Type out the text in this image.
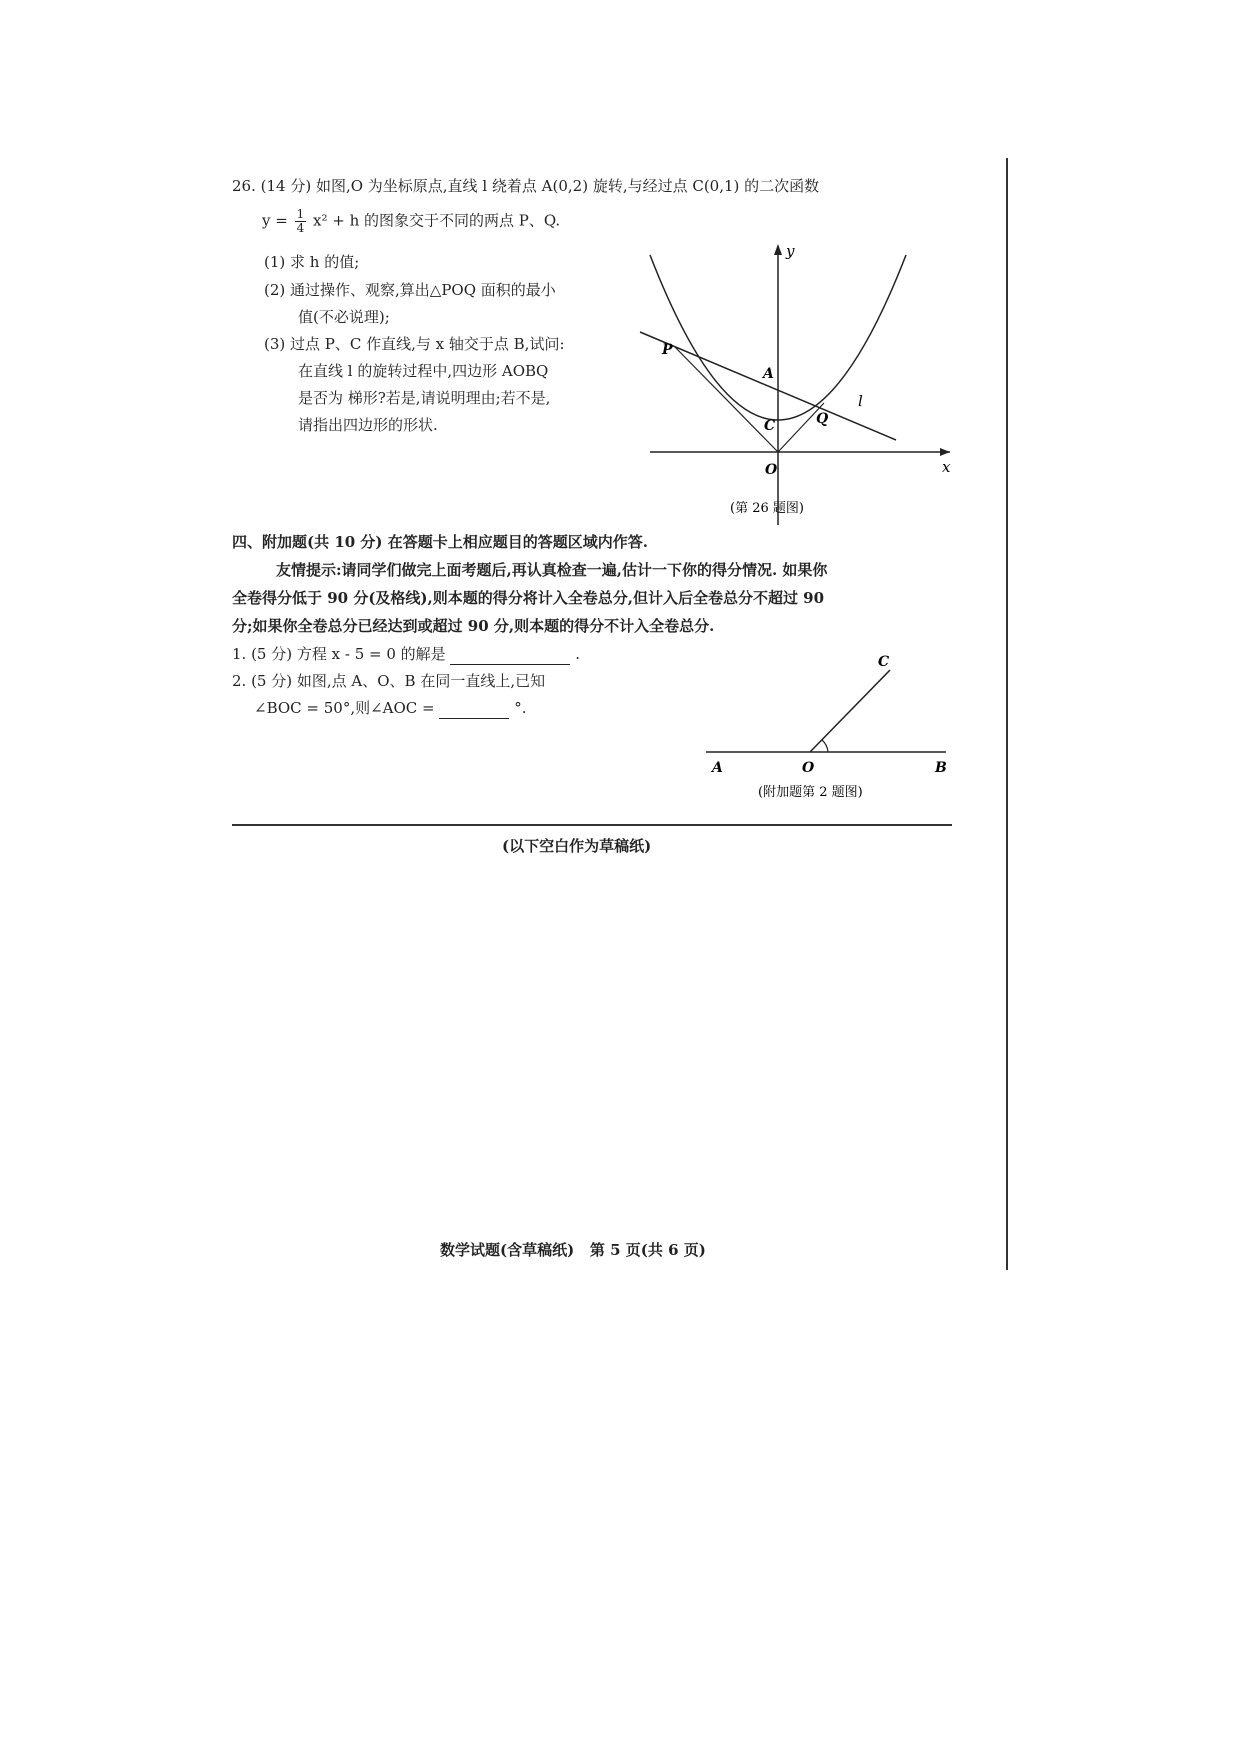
26. (14 分) 如图,O 为坐标原点,直线 l 绕着点 A(0,2) 旋转,与经过点 C(0,1) 的二次函数
$y = \frac{1}{4} x^2 + h$ 的图象交于不同的两点 P、Q.
(1) 求 h 的值;
(2) 通过操作、观察,算出△POQ 面积的最小
值(不必说理);
(3) 过点 P、C 作直线,与 x 轴交于点 B,试问:
在直线 l 的旋转过程中,四边形 AOBQ
是否为 梯形?若是,请说明理由;若不是,
请指出四边形的形状.
y
x
P
A
C	Q
O
l
(第 26 题图)
四、附加题(共 10 分) 在答题卡上相应题目的答题区域内作答.
友情提示:请同学们做完上面考题后,再认真检查一遍,估计一下你的得分情况. 如果你
全卷得分低于 90 分(及格线),则本题的得分将计入全卷总分,但计入后全卷总分不超过 90
分;如果你全卷总分已经达到或超过 90 分,则本题的得分不计入全卷总分.
1. (5 分) 方程 x - 5 = 0 的解是	.
2. (5 分) 如图,点 A、O、B 在同一直线上,已知
∠BOC = 50°,则∠AOC =	°.
A	O	B
C
(附加题第 2 题图)
(以下空白作为草稿纸)
数学试题(含草稿纸)   第 5 页(共 6 页)
